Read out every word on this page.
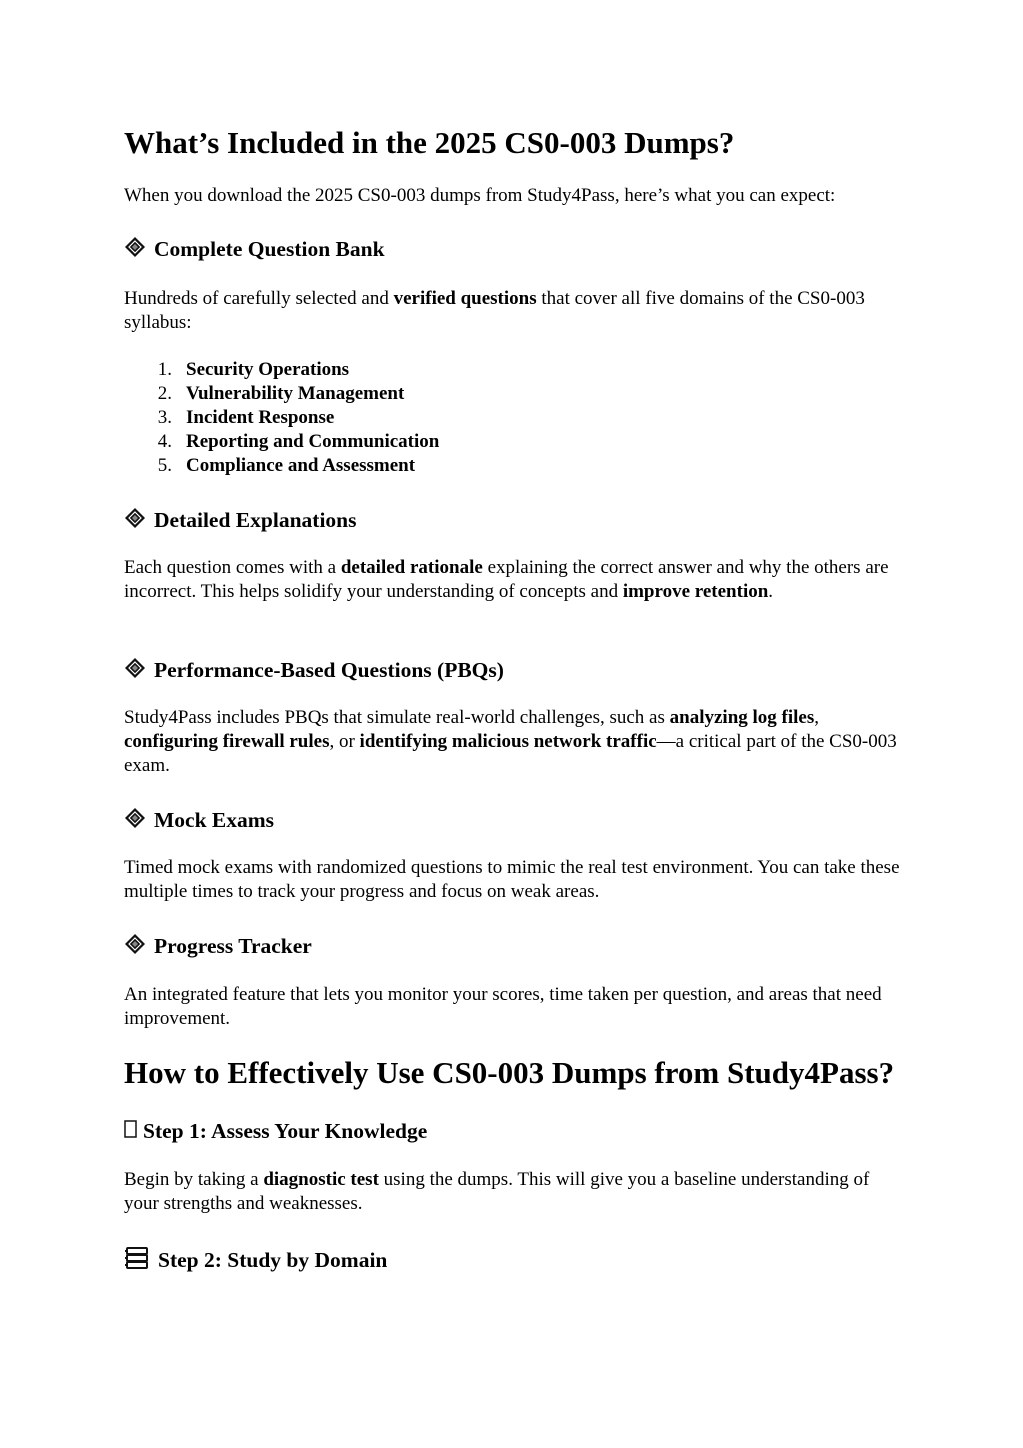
What’s Included in the 2025 CS0-003 Dumps?
When you download the 2025 CS0-003 dumps from Study4Pass, here’s what you can expect:
Complete Question Bank
Hundreds of carefully selected and verified questions that cover all five domains of the CS0-003 syllabus:
1. Security Operations
2. Vulnerability Management
3. Incident Response
4. Reporting and Communication
5. Compliance and Assessment
Detailed Explanations
Each question comes with a detailed rationale explaining the correct answer and why the others are incorrect. This helps solidify your understanding of concepts and improve retention.
Performance-Based Questions (PBQs)
Study4Pass includes PBQs that simulate real-world challenges, such as analyzing log files, configuring firewall rules, or identifying malicious network traffic—a critical part of the CS0-003 exam.
Mock Exams
Timed mock exams with randomized questions to mimic the real test environment. You can take these multiple times to track your progress and focus on weak areas.
Progress Tracker
An integrated feature that lets you monitor your scores, time taken per question, and areas that need improvement.
How to Effectively Use CS0-003 Dumps from Study4Pass?
Step 1: Assess Your Knowledge
Begin by taking a diagnostic test using the dumps. This will give you a baseline understanding of your strengths and weaknesses.
Step 2: Study by Domain
